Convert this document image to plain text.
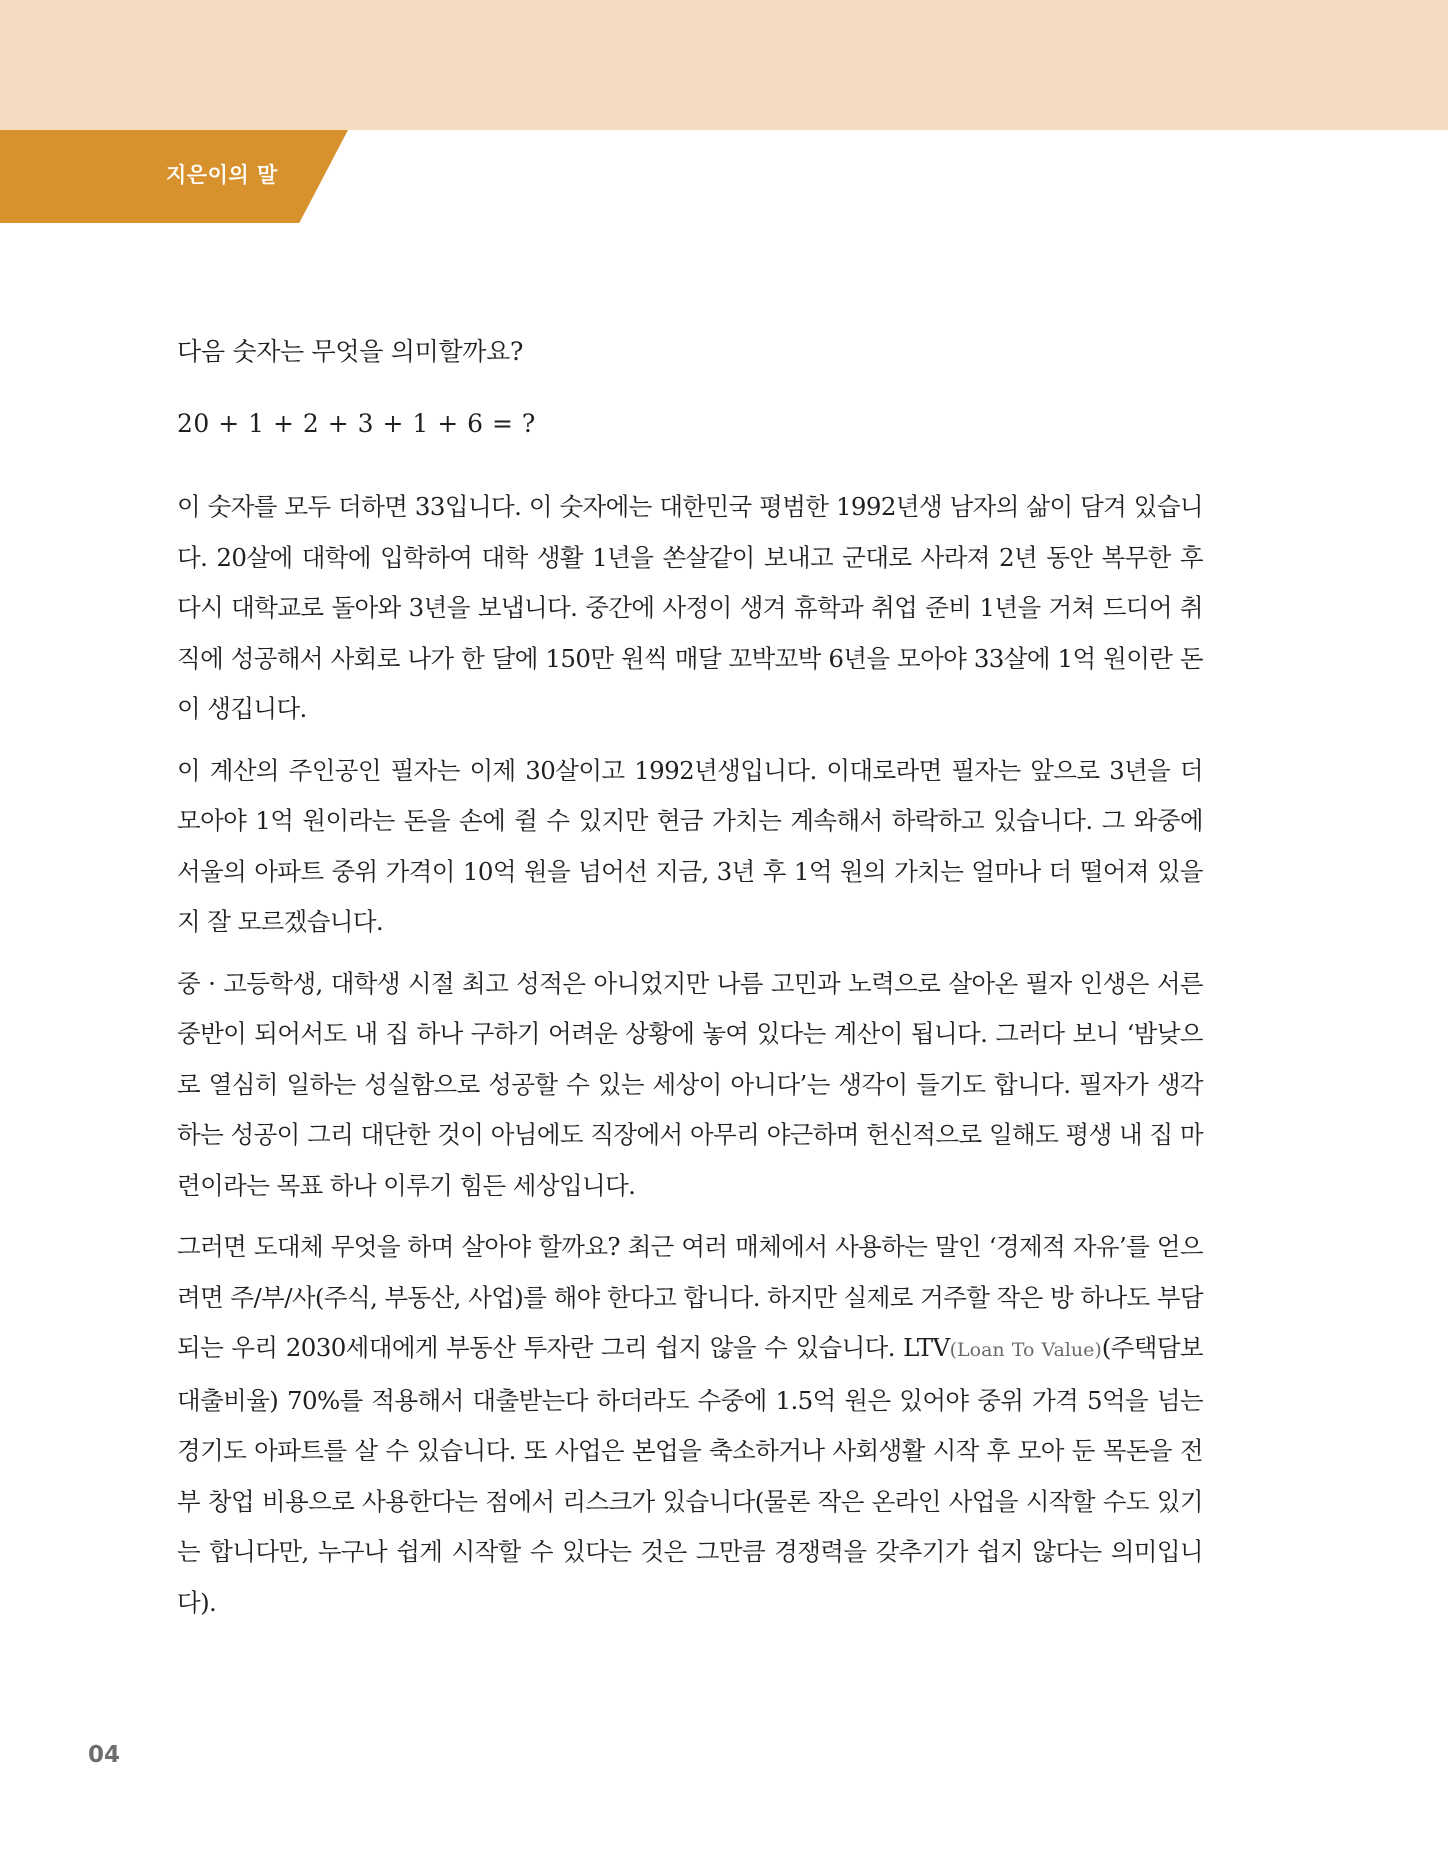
지은이의 말

다음 숫자는 무엇을 의미할까요?

20 + 1 + 2 + 3 + 1 + 6 = ?

이 숫자를 모두 더하면 33입니다. 이 숫자에는 대한민국 평범한 1992년생 남자의 삶이 담겨 있습니다. 20살에 대학에 입학하여 대학 생활 1년을 쏜살같이 보내고 군대로 사라져 2년 동안 복무한 후 다시 대학교로 돌아와 3년을 보냅니다. 중간에 사정이 생겨 휴학과 취업 준비 1년을 거쳐 드디어 취직에 성공해서 사회로 나가 한 달에 150만 원씩 매달 꼬박꼬박 6년을 모아야 33살에 1억 원이란 돈이 생깁니다.

이 계산의 주인공인 필자는 이제 30살이고 1992년생입니다. 이대로라면 필자는 앞으로 3년을 더 모아야 1억 원이라는 돈을 손에 쥘 수 있지만 현금 가치는 계속해서 하락하고 있습니다. 그 와중에 서울의 아파트 중위 가격이 10억 원을 넘어선 지금, 3년 후 1억 원의 가치는 얼마나 더 떨어져 있을지 잘 모르겠습니다.

중 · 고등학생, 대학생 시절 최고 성적은 아니었지만 나름 고민과 노력으로 살아온 필자 인생은 서른 중반이 되어서도 내 집 하나 구하기 어려운 상황에 놓여 있다는 계산이 됩니다. 그러다 보니 ‘밤낮으로 열심히 일하는 성실함으로 성공할 수 있는 세상이 아니다’는 생각이 들기도 합니다. 필자가 생각하는 성공이 그리 대단한 것이 아님에도 직장에서 아무리 야근하며 헌신적으로 일해도 평생 내 집 마련이라는 목표 하나 이루기 힘든 세상입니다.

그러면 도대체 무엇을 하며 살아야 할까요? 최근 여러 매체에서 사용하는 말인 ‘경제적 자유’를 얻으려면 주/부/사(주식, 부동산, 사업)를 해야 한다고 합니다. 하지만 실제로 거주할 작은 방 하나도 부담되는 우리 2030세대에게 부동산 투자란 그리 쉽지 않을 수 있습니다. LTV(Loan To Value)(주택담보대출비율) 70%를 적용해서 대출받는다 하더라도 수중에 1.5억 원은 있어야 중위 가격 5억을 넘는 경기도 아파트를 살 수 있습니다. 또 사업은 본업을 축소하거나 사회생활 시작 후 모아 둔 목돈을 전부 창업 비용으로 사용한다는 점에서 리스크가 있습니다(물론 작은 온라인 사업을 시작할 수도 있기는 합니다만, 누구나 쉽게 시작할 수 있다는 것은 그만큼 경쟁력을 갖추기가 쉽지 않다는 의미입니다).

04
